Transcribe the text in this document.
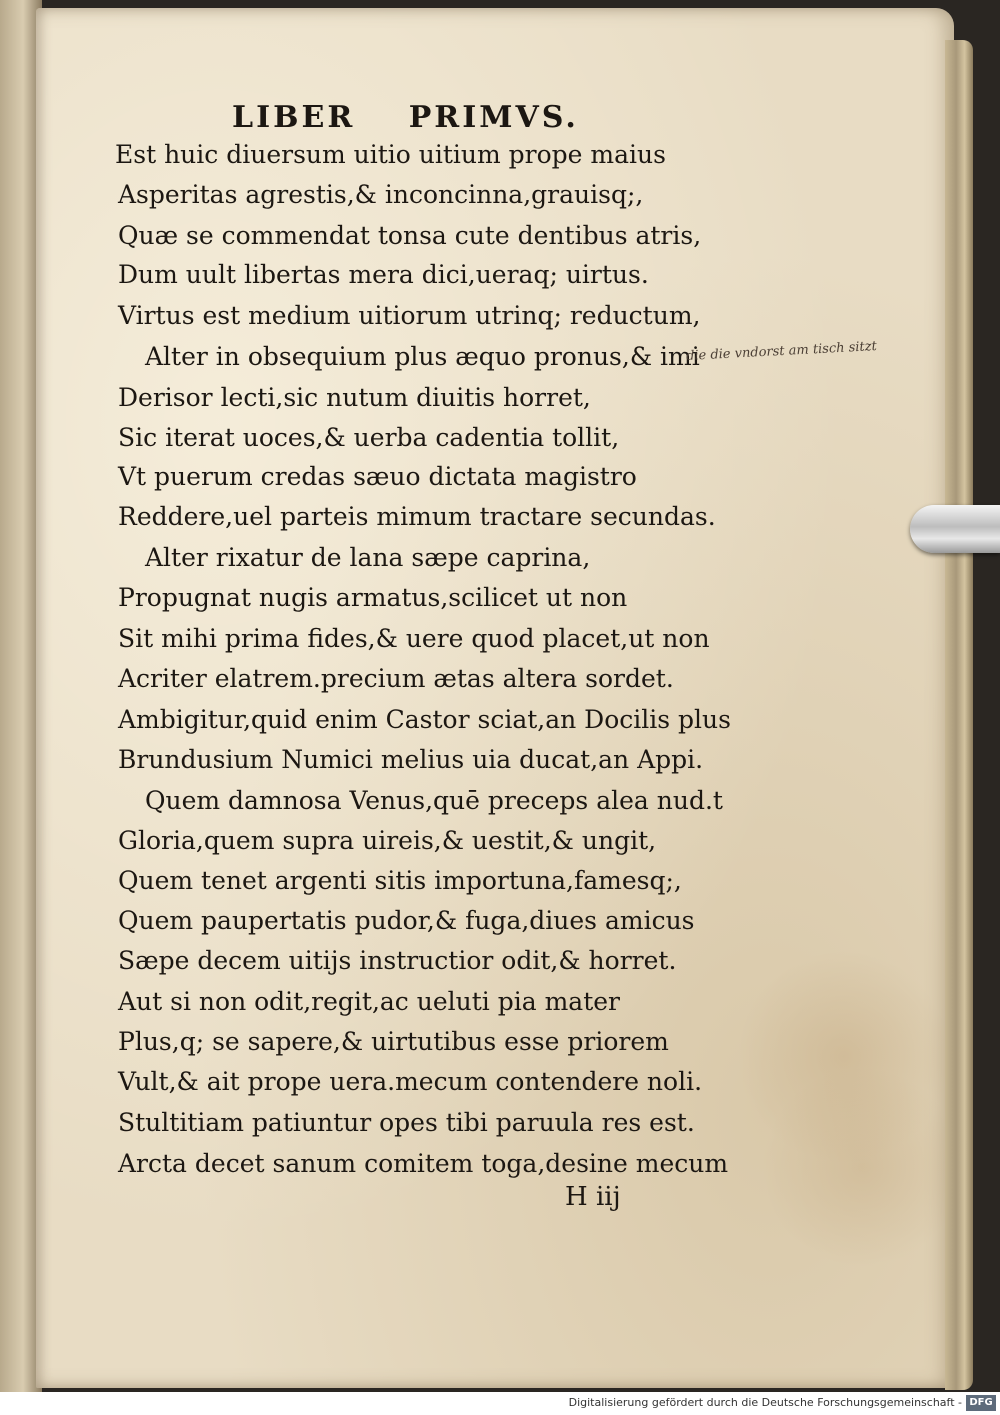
LIBER PRIMVS.
Est huic diuersum uitio uitium prope maius
Asperitas agrestis,& inconcinna,grauisq;,
Quæ se commendat tonsa cute dentibus atris,
Dum uult libertas mera dici,ueraq; uirtus.
Virtus est medium uitiorum utrinq; reductum,
Alter in obsequium plus æquo pronus,& imi
Derisor lecti,sic nutum diuitis horret,
Sic iterat uoces,& uerba cadentia tollit,
Vt puerum credas sæuo dictata magistro
Reddere,uel parteis mimum tractare secundas.
Alter rixatur de lana sæpe caprina,
Propugnat nugis armatus,scilicet ut non
Sit mihi prima fides,& uere quod placet,ut non
Acriter elatrem.precium ætas altera sordet.
Ambigitur,quid enim Castor sciat,an Docilis plus
Brundusium Numici melius uia ducat,an Appi.
Quem damnosa Venus,quē preceps alea nud.t
Gloria,quem supra uireis,& uestit,& ungit,
Quem tenet argenti sitis importuna,famesq;,
Quem paupertatis pudor,& fuga,diues amicus
Sæpe decem uitijs instructior odit,& horret.
Aut si non odit,regit,ac ueluti pia mater
Plus,q; se sapere,& uirtutibus esse priorem
Vult,& ait prope uera.mecum contendere noli.
Stultitiam patiuntur opes tibi paruula res est.
Arcta decet sanum comitem toga,desine mecum
die die vndorst am tisch sitzt
H iij
Digitalisierung gefördert durch die Deutsche Forschungsgemeinschaft - DFG
